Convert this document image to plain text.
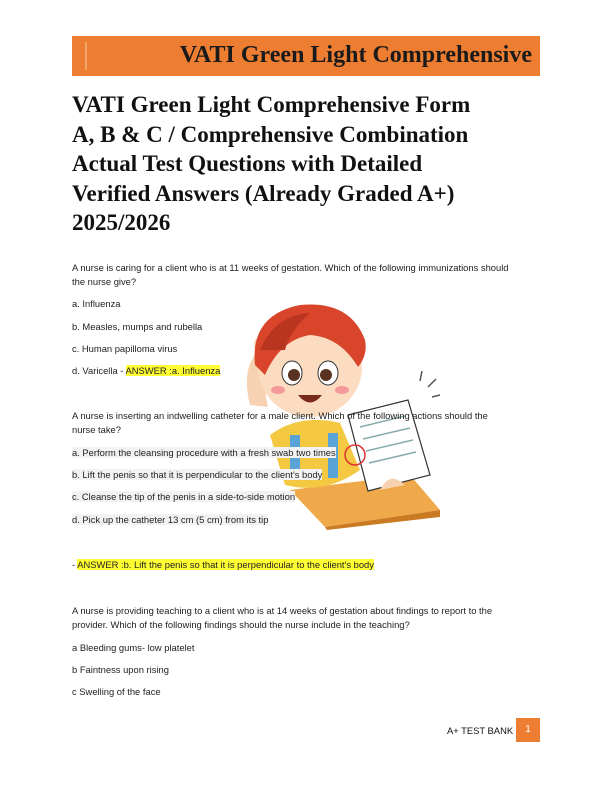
VATI Green Light Comprehensive
VATI Green Light Comprehensive Form
A, B & C / Comprehensive Combination
Actual Test Questions with Detailed
Verified Answers (Already Graded A+)
2025/2026
A nurse is caring for a client who is at 11 weeks of gestation. Which of the following immunizations should
the nurse give?
a. Influenza
b. Measles, mumps and rubella
c. Human papilloma virus
d. Varicella - ANSWER :a. Influenza
A nurse is inserting an indwelling catheter for a male client. Which of the following actions should the
nurse take?
a. Perform the cleansing procedure with a fresh swab two times
b. Lift the penis so that it is perpendicular to the client's body
c. Cleanse the tip of the penis in a side-to-side motion
d. Pick up the catheter 13 cm (5 cm) from its tip
- ANSWER :b. Lift the penis so that it is perpendicular to the client's body
A nurse is providing teaching to a client who is at 14 weeks of gestation about findings to report to the
provider. Which of the following findings should the nurse include in the teaching?
a Bleeding gums- low platelet
b Faintness upon rising
c Swelling of the face
A+ TEST BANK	1
